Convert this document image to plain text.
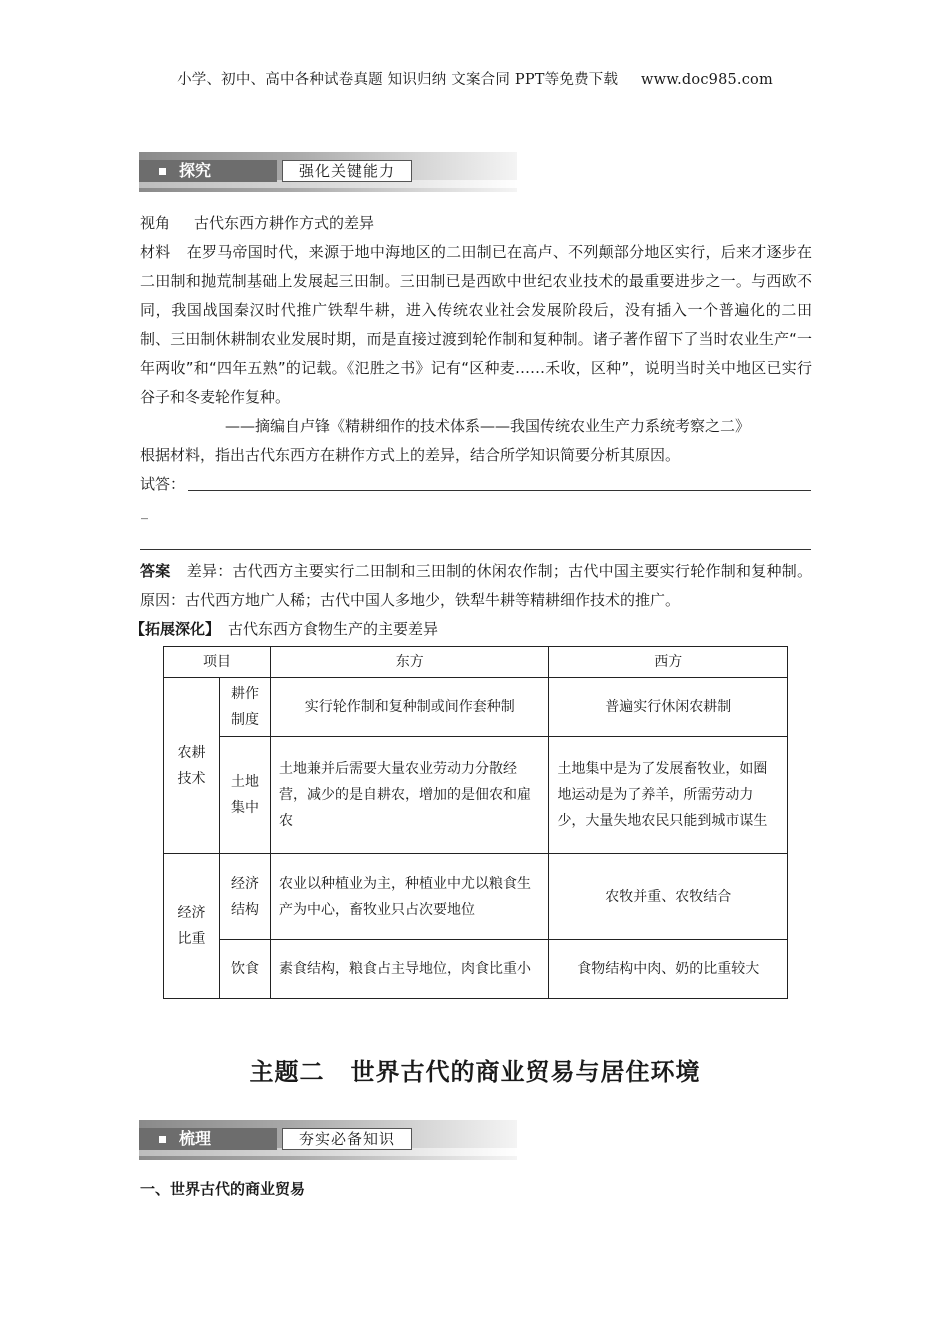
小学、初中、高中各种试卷真题 知识归纳 文案合同 PPT等免费下载 www.doc985.com
探究	强化关键能力
视角 古代东西方耕作方式的差异
材料 在罗马帝国时代，来源于地中海地区的二田制已在高卢、不列颠部分地区实行，后来才逐步在二田制和抛荒制基础上发展起三田制。三田制已是西欧中世纪农业技术的最重要进步之一。与西欧不同，我国战国秦汉时代推广铁犁牛耕，进入传统农业社会发展阶段后，没有插入一个普遍化的二田制、三田制休耕制农业发展时期，而是直接过渡到轮作制和复种制。诸子著作留下了当时农业生产“一年两收”和“四年五熟”的记载。《氾胜之书》记有“区种麦……禾收，区种”，说明当时关中地区已实行谷子和冬麦轮作复种。
——摘编自卢锋《精耕细作的技术体系——我国传统农业生产力系统考察之二》
根据材料，指出古代东西方在耕作方式上的差异，结合所学知识简要分析其原因。
试答：
_
答案 差异：古代西方主要实行二田制和三田制的休闲农作制；古代中国主要实行轮作制和复种制。原因：古代西方地广人稀；古代中国人多地少，铁犁牛耕等精耕细作技术的推广。
【拓展深化】 古代东西方食物生产的主要差异
项目		东方	西方

农耕技术	耕作制度	实行轮作制和复种制或间作套种制	普遍实行休闲农耕制

	土地集中	土地兼并后需要大量农业劳动力分散经营，减少的是自耕农，增加的是佃农和雇农	土地集中是为了发展畜牧业，如圈地运动是为了养羊，所需劳动力少，大量失地农民只能到城市谋生

经济比重	经济结构	农业以种植业为主，种植业中尤以粮食生产为中心，畜牧业只占次要地位	农牧并重、农牧结合
	饮食	素食结构，粮食占主导地位，肉食比重小	食物结构中肉、奶的比重较大
主题二 世界古代的商业贸易与居住环境
梳理	夯实必备知识
一、世界古代的商业贸易
